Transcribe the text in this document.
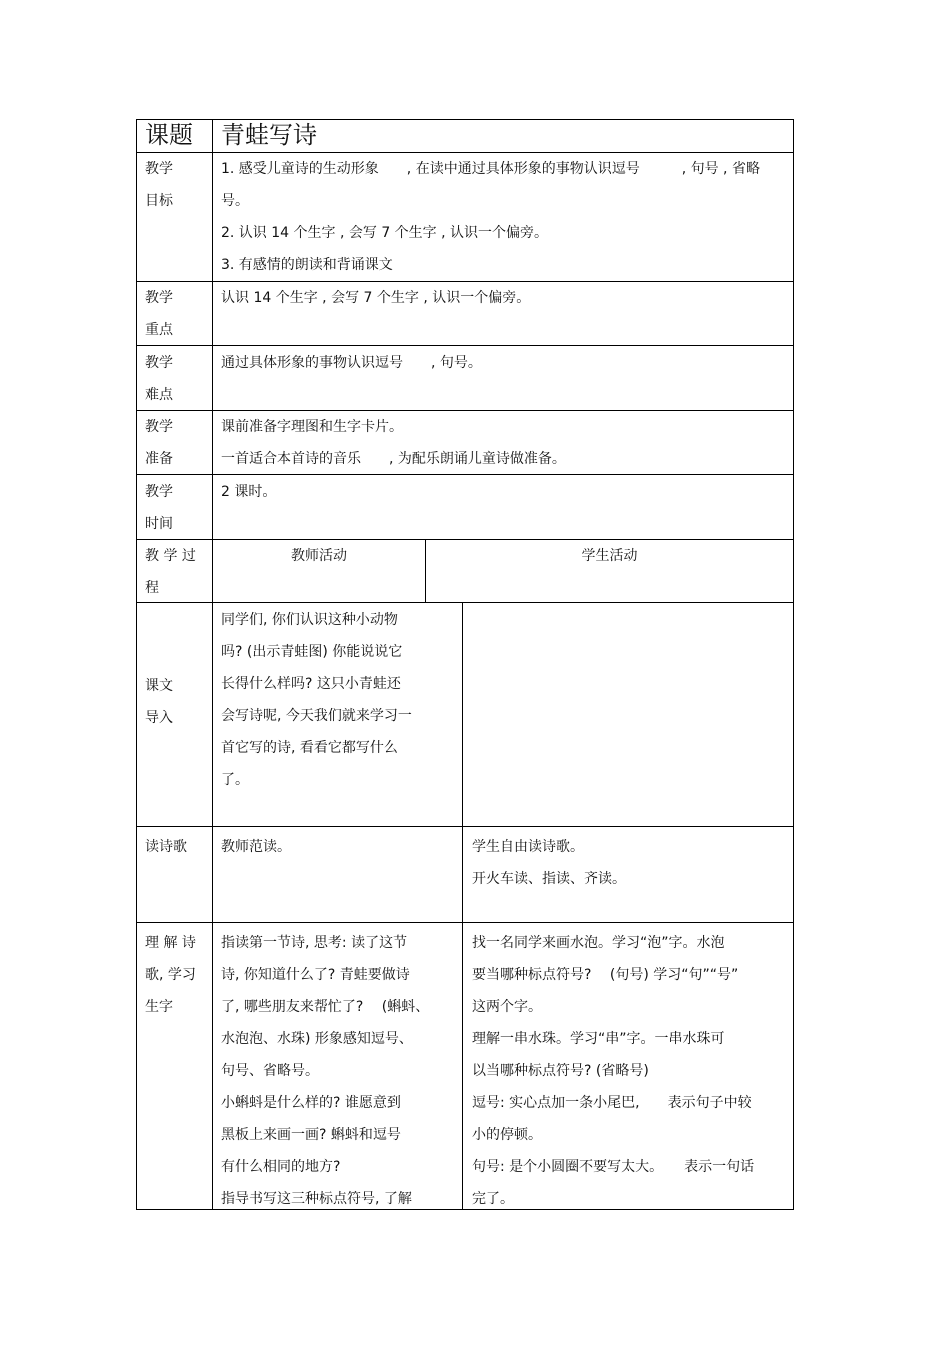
课题 青蛙写诗
教学
目标
1. 感受儿童诗的生动形象　　, 在读中通过具体形象的事物认识逗号　　　, 句号 , 省略
号。
2. 认识 14 个生字 , 会写 7 个生字 , 认识一个偏旁。
3. 有感情的朗读和背诵课文
教学
重点
认识 14 个生字 , 会写 7 个生字 , 认识一个偏旁。
教学
难点
通过具体形象的事物认识逗号　　, 句号。
教学
准备
课前准备字理图和生字卡片。
一首适合本首诗的音乐　　, 为配乐朗诵儿童诗做准备。
教学
时间
2 课时。
教 学 过
程
教师活动	学生活动
课文
导入
同学们, 你们认识这种小动物
吗? (出示青蛙图) 你能说说它
长得什么样吗? 这只小青蛙还
会写诗呢, 今天我们就来学习一
首它写的诗, 看看它都写什么
了。
读诗歌 教师范读。	学生自由读诗歌。
开火车读、指读、齐读。
理 解 诗
歌, 学习
生字
指读第一节诗, 思考: 读了这节
诗, 你知道什么了? 青蛙要做诗
了, 哪些朋友来帮忙了?　 (蝌蚪、
水泡泡、水珠) 形象感知逗号、
句号、省略号。
小蝌蚪是什么样的? 谁愿意到
黑板上来画一画? 蝌蚪和逗号
有什么相同的地方?
指导书写这三种标点符号, 了解
找一名同学来画水泡。学习“泡”字。水泡
要当哪种标点符号?　 (句号) 学习“句”“号”
这两个字。
理解一串水珠。学习“串”字。一串水珠可
以当哪种标点符号? (省略号)
逗号: 实心点加一条小尾巴,　　表示句子中较
小的停顿。
句号: 是个小圆圈不要写太大。　　表示一句话
完了。
